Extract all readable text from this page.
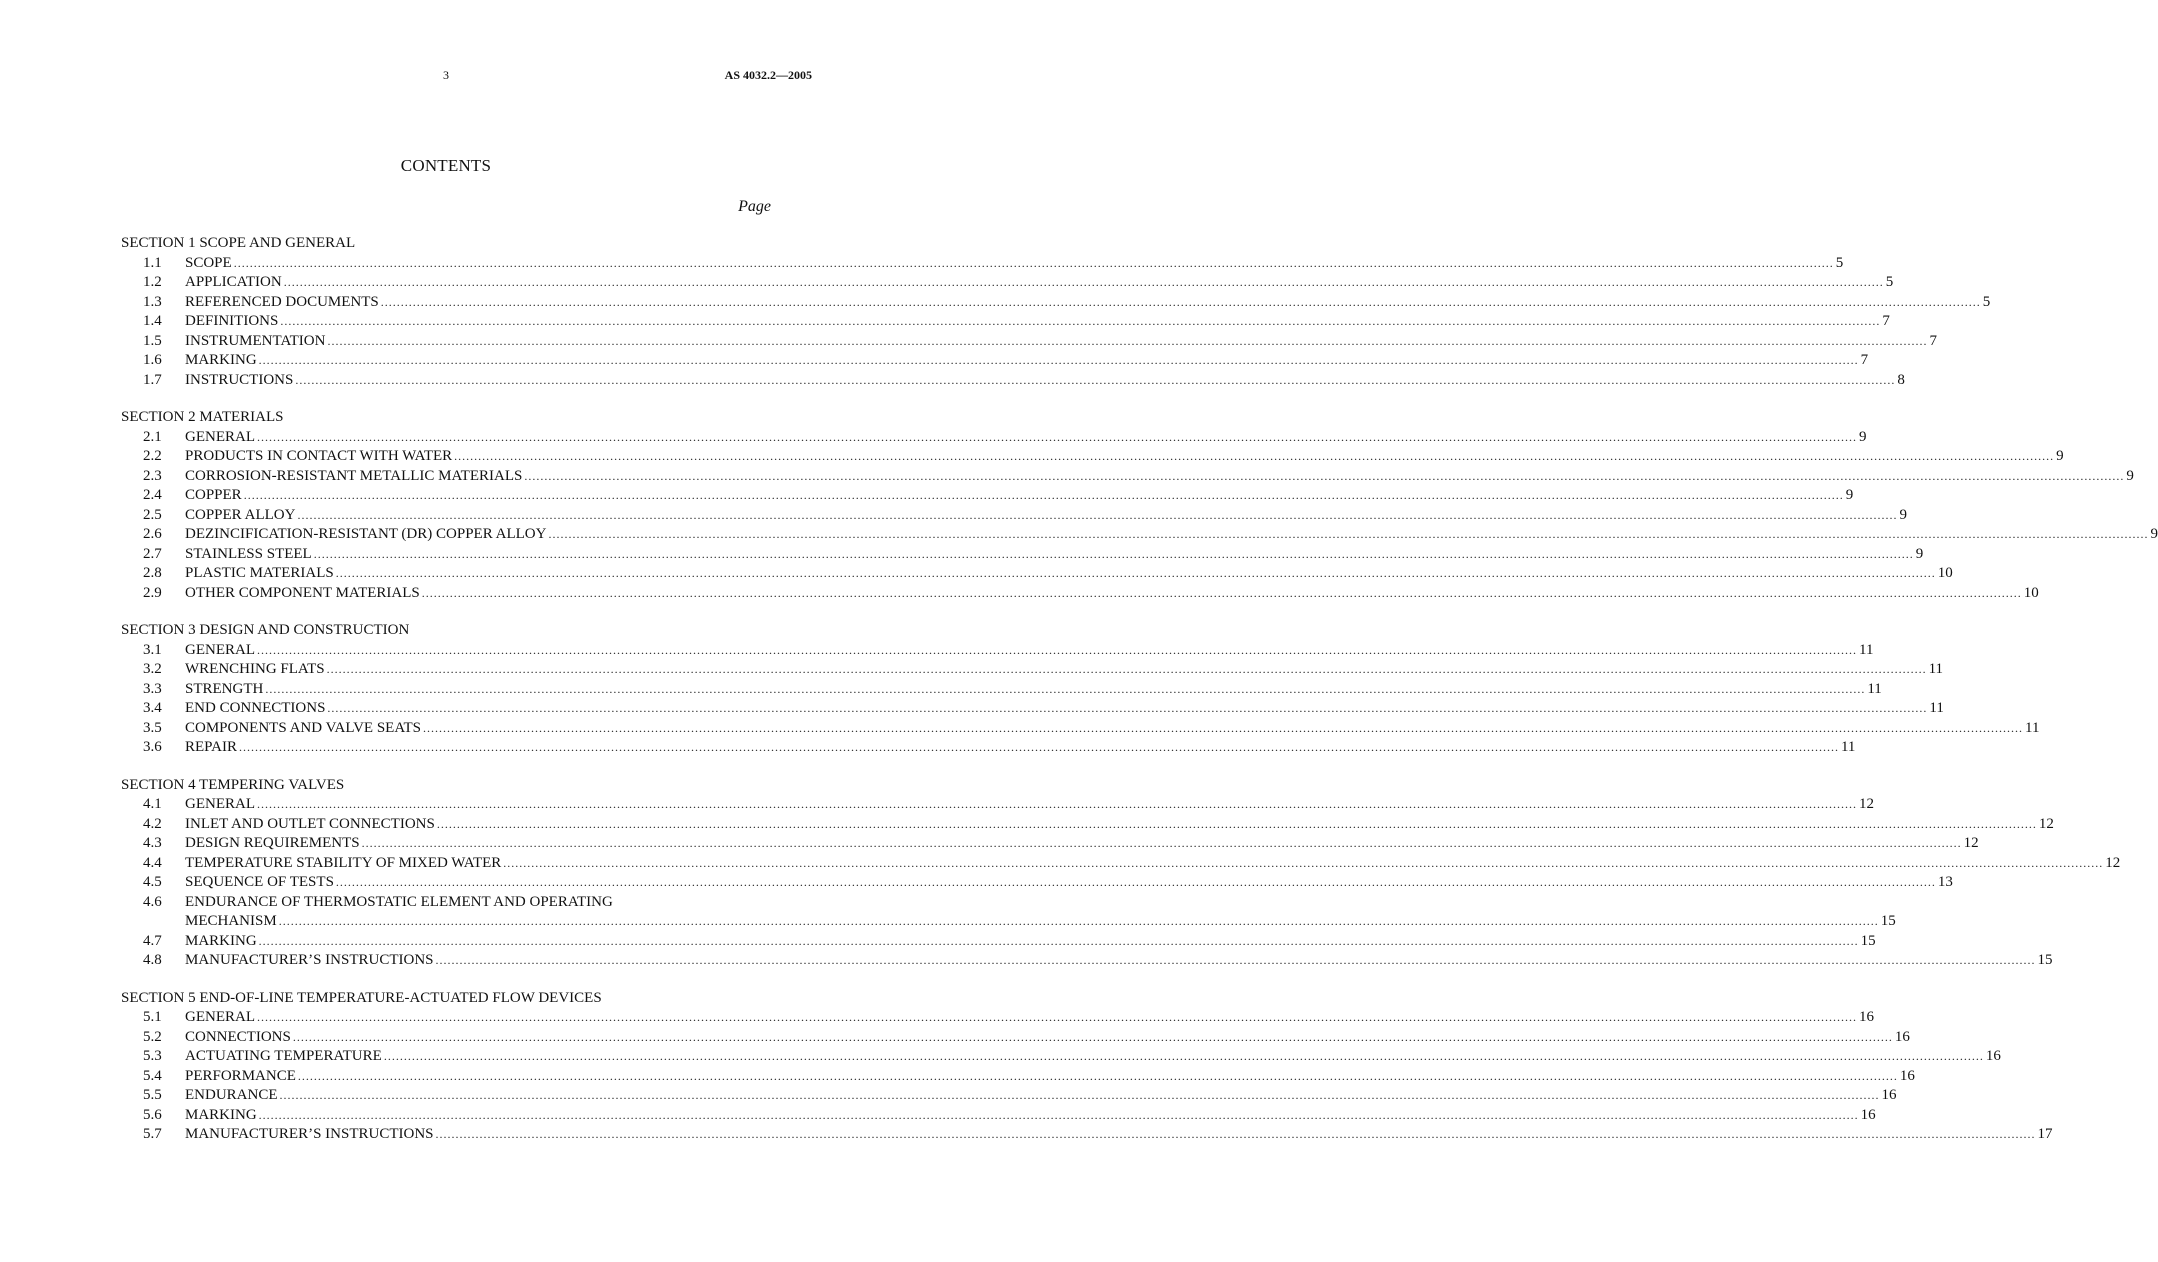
3	AS 4032.2—2005
CONTENTS
Page
SECTION 1 SCOPE AND GENERAL
1.1	SCOPE ................................................................................................................................................................................................................................................................................................................................................................................................................ 5
1.2	APPLICATION ................................................................................................................................................................................................................................................................................................................................................................................................................ 5
1.3	REFERENCED DOCUMENTS ................................................................................................................................................................................................................................................................................................................................................................................................................ 5
1.4	DEFINITIONS ................................................................................................................................................................................................................................................................................................................................................................................................................ 7
1.5	INSTRUMENTATION ................................................................................................................................................................................................................................................................................................................................................................................................................ 7
1.6	MARKING ................................................................................................................................................................................................................................................................................................................................................................................................................ 7
1.7	INSTRUCTIONS ................................................................................................................................................................................................................................................................................................................................................................................................................ 8
SECTION 2 MATERIALS
2.1	GENERAL ................................................................................................................................................................................................................................................................................................................................................................................................................ 9
2.2	PRODUCTS IN CONTACT WITH WATER ................................................................................................................................................................................................................................................................................................................................................................................................................ 9
2.3	CORROSION-RESISTANT METALLIC MATERIALS ................................................................................................................................................................................................................................................................................................................................................................................................................ 9
2.4	COPPER ................................................................................................................................................................................................................................................................................................................................................................................................................ 9
2.5	COPPER ALLOY ................................................................................................................................................................................................................................................................................................................................................................................................................ 9
2.6	DEZINCIFICATION-RESISTANT (DR) COPPER ALLOY ................................................................................................................................................................................................................................................................................................................................................................................................................ 9
2.7	STAINLESS STEEL ................................................................................................................................................................................................................................................................................................................................................................................................................ 9
2.8	PLASTIC MATERIALS ................................................................................................................................................................................................................................................................................................................................................................................................................ 10
2.9	OTHER COMPONENT MATERIALS ................................................................................................................................................................................................................................................................................................................................................................................................................ 10
SECTION 3 DESIGN AND CONSTRUCTION
3.1	GENERAL ................................................................................................................................................................................................................................................................................................................................................................................................................ 11
3.2	WRENCHING FLATS ................................................................................................................................................................................................................................................................................................................................................................................................................ 11
3.3	STRENGTH ................................................................................................................................................................................................................................................................................................................................................................................................................ 11
3.4	END CONNECTIONS ................................................................................................................................................................................................................................................................................................................................................................................................................ 11
3.5	COMPONENTS AND VALVE SEATS ................................................................................................................................................................................................................................................................................................................................................................................................................ 11
3.6	REPAIR ................................................................................................................................................................................................................................................................................................................................................................................................................ 11
SECTION 4 TEMPERING VALVES
4.1	GENERAL ................................................................................................................................................................................................................................................................................................................................................................................................................ 12
4.2	INLET AND OUTLET CONNECTIONS ................................................................................................................................................................................................................................................................................................................................................................................................................ 12
4.3	DESIGN REQUIREMENTS ................................................................................................................................................................................................................................................................................................................................................................................................................ 12
4.4	TEMPERATURE STABILITY OF MIXED WATER ................................................................................................................................................................................................................................................................................................................................................................................................................ 12
4.5	SEQUENCE OF TESTS ................................................................................................................................................................................................................................................................................................................................................................................................................ 13
4.6	ENDURANCE OF THERMOSTATIC ELEMENT AND OPERATING
MECHANISM ................................................................................................................................................................................................................................................................................................................................................................................................................ 15
4.7	MARKING ................................................................................................................................................................................................................................................................................................................................................................................................................ 15
4.8	MANUFACTURER’S INSTRUCTIONS ................................................................................................................................................................................................................................................................................................................................................................................................................ 15
SECTION 5 END-OF-LINE TEMPERATURE-ACTUATED FLOW DEVICES
5.1	GENERAL ................................................................................................................................................................................................................................................................................................................................................................................................................ 16
5.2	CONNECTIONS ................................................................................................................................................................................................................................................................................................................................................................................................................ 16
5.3	ACTUATING TEMPERATURE ................................................................................................................................................................................................................................................................................................................................................................................................................ 16
5.4	PERFORMANCE ................................................................................................................................................................................................................................................................................................................................................................................................................ 16
5.5	ENDURANCE ................................................................................................................................................................................................................................................................................................................................................................................................................ 16
5.6	MARKING ................................................................................................................................................................................................................................................................................................................................................................................................................ 16
5.7	MANUFACTURER’S INSTRUCTIONS ................................................................................................................................................................................................................................................................................................................................................................................................................ 17
